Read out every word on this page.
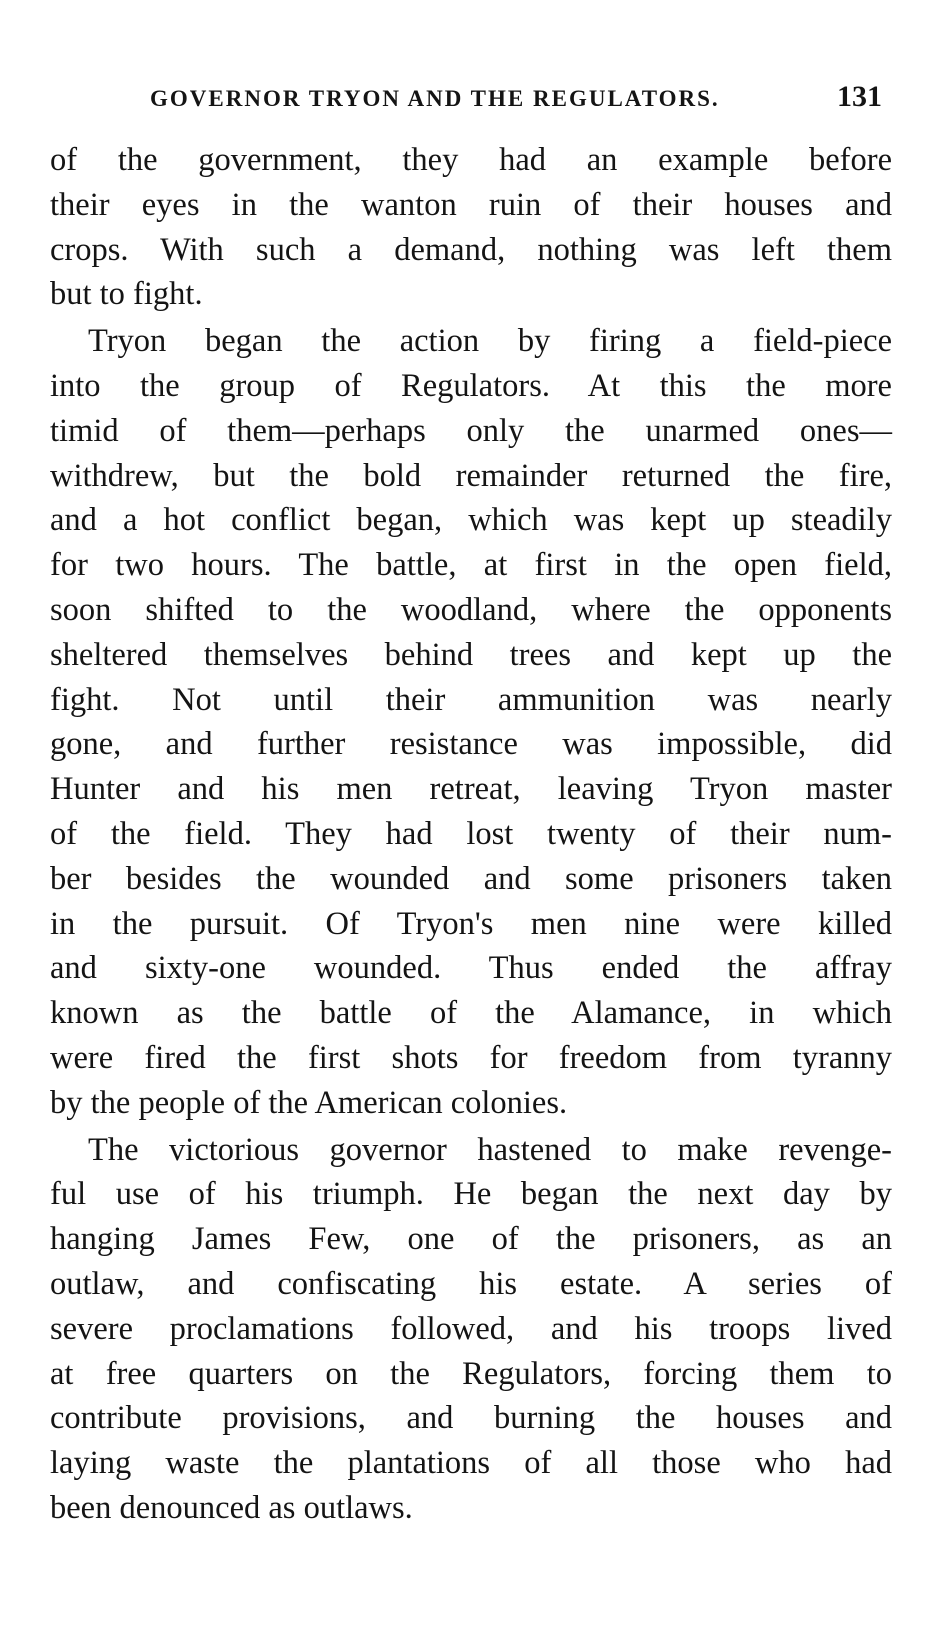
GOVERNOR TRYON AND THE REGULATORS.	131
of the government, they had an example before
their eyes in the wanton ruin of their houses and
crops. With such a demand, nothing was left them
but to fight.
Tryon began the action by firing a field-piece
into the group of Regulators. At this the more
timid of them—perhaps only the unarmed ones—
withdrew, but the bold remainder returned the fire,
and a hot conflict began, which was kept up steadily
for two hours. The battle, at first in the open field,
soon shifted to the woodland, where the opponents
sheltered themselves behind trees and kept up the
fight. Not until their ammunition was nearly
gone, and further resistance was impossible, did
Hunter and his men retreat, leaving Tryon master
of the field. They had lost twenty of their num-
ber besides the wounded and some prisoners taken
in the pursuit. Of Tryon's men nine were killed
and sixty-one wounded. Thus ended the affray
known as the battle of the Alamance, in which
were fired the first shots for freedom from tyranny
by the people of the American colonies.
The victorious governor hastened to make revenge-
ful use of his triumph. He began the next day by
hanging James Few, one of the prisoners, as an
outlaw, and confiscating his estate. A series of
severe proclamations followed, and his troops lived
at free quarters on the Regulators, forcing them to
contribute provisions, and burning the houses and
laying waste the plantations of all those who had
been denounced as outlaws.
